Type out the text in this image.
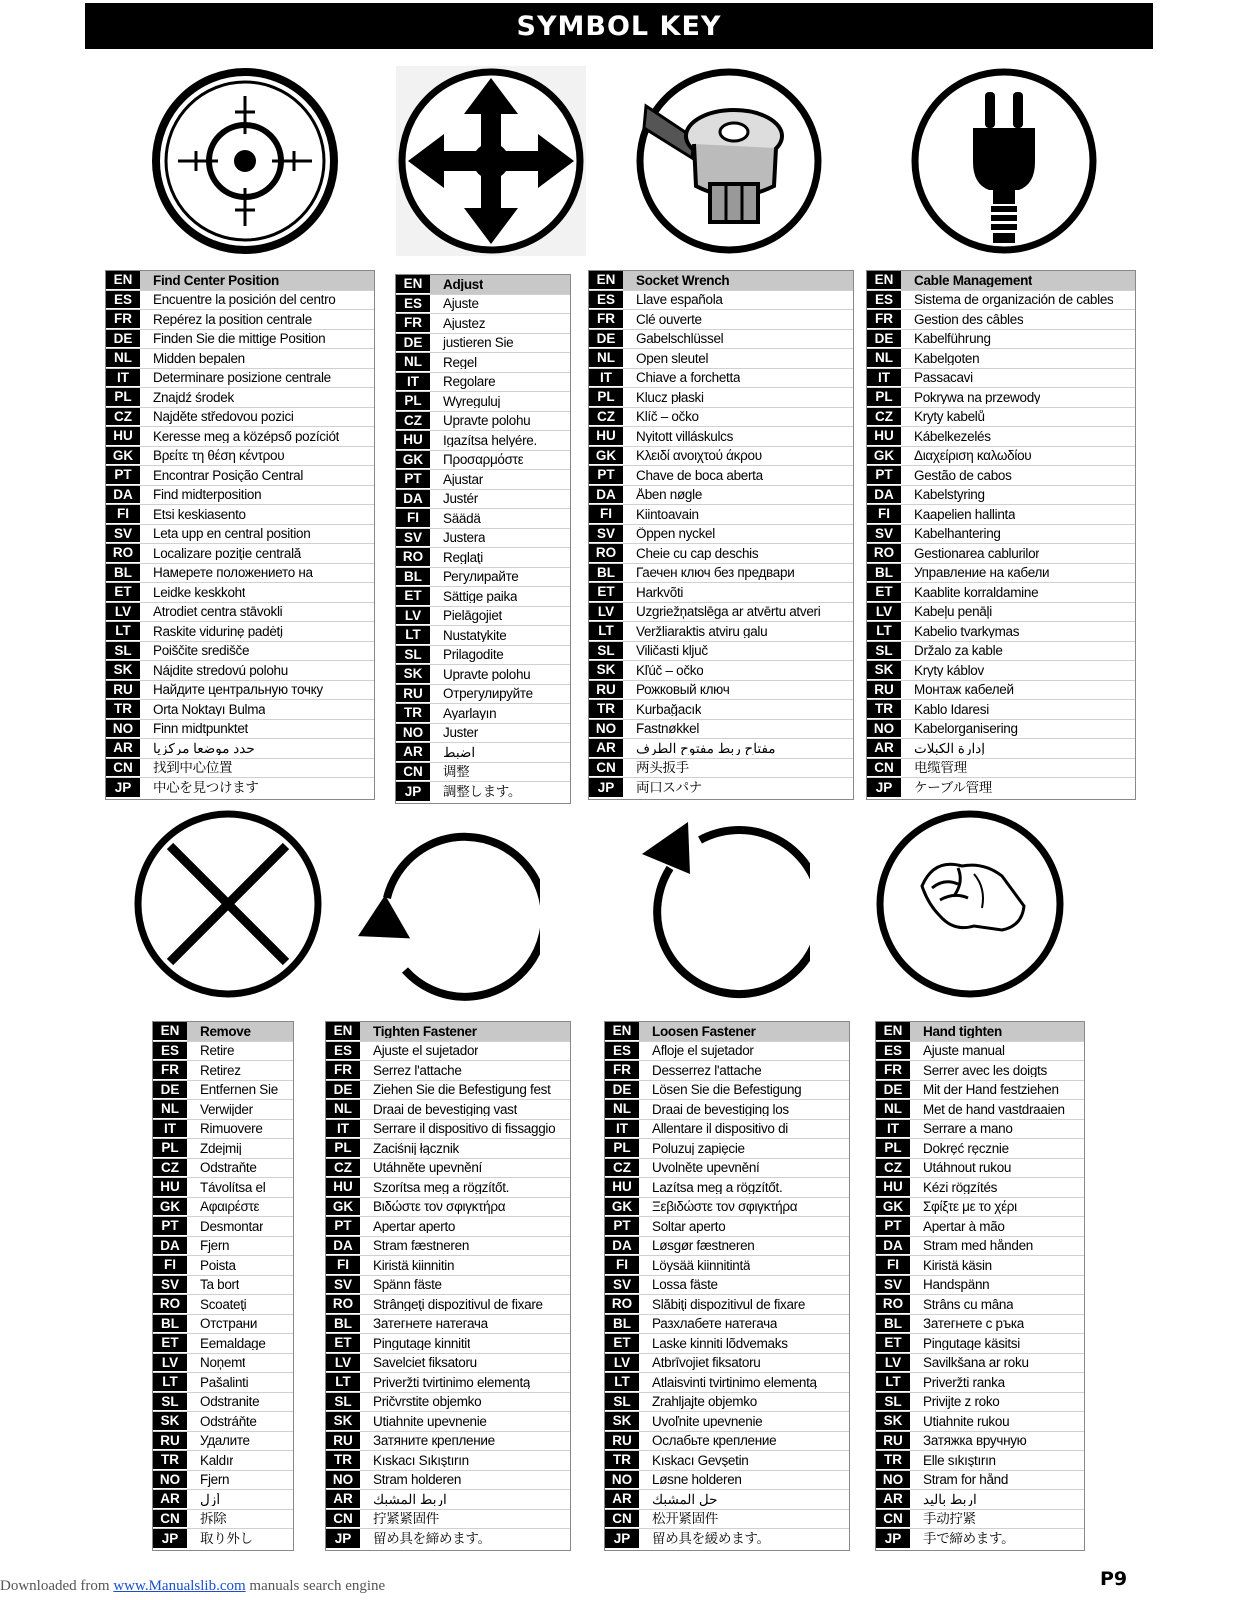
SYMBOL KEY
EN	Find Center Position
ES	Encuentre la posición del centro
FR	Repérez la position centrale
DE	Finden Sie die mittige Position
NL	Midden bepalen
IT	Determinare posizione centrale
PL	Znajdź środek
CZ	Najděte středovou pozici
HU	Keresse meg a középső pozíciót
GK	Βρείτε τη θέση κέντρου
PT	Encontrar Posição Central
DA	Find midterposition
FI	Etsi keskiasento
SV	Leta upp en central position
RO	Localizare poziţie centrală
BL	Намерете положението на
ET	Leidke keskkoht
LV	Atrodiet centra stāvokli
LT	Raskite vidurinę padėtį
SL	Poiščite središče
SK	Nájdite stredovú polohu
RU	Найдите центральную точку
TR	Orta Noktayı Bulma
NO	Finn midtpunktet
AR	حدد موضعاً مركزياً
CN	找到中心位置
JP	中心を見つけます
EN	Adjust
ES	Ajuste
FR	Ajustez
DE	justieren Sie
NL	Regel
IT	Regolare
PL	Wyreguluj
CZ	Upravte polohu
HU	Igazítsa helyére.
GK	Προσαρμόστε
PT	Ajustar
DA	Justér
FI	Säädä
SV	Justera
RO	Reglaţi
BL	Регулирайте
ET	Sättige paika
LV	Pielāgojiet
LT	Nustatykite
SL	Prilagodite
SK	Upravte polohu
RU	Отрегулируйте
TR	Ayarlayın
NO	Juster
AR	اضبط
CN	调整
JP	調整します。
EN	Socket Wrench
ES	Llave española
FR	Clé ouverte
DE	Gabelschlüssel
NL	Open sleutel
IT	Chiave a forchetta
PL	Klucz płaski
CZ	Klíč – očko
HU	Nyitott villáskulcs
GK	Κλειδί ανοιχτού άκρου
PT	Chave de boca aberta
DA	Åben nøgle
FI	Kiintoavain
SV	Öppen nyckel
RO	Cheie cu cap deschis
BL	Гаечен ключ без предвари
ET	Harkvõti
LV	Uzgriežņatslēga ar atvērtu atveri
LT	Veržliaraktis atviru galu
SL	Viličasti ključ
SK	Kľúč – očko
RU	Рожковый ключ
TR	Kurbağacık
NO	Fastnøkkel
AR	مفتاح ربط مفتوح الطرف
CN	两头扳手
JP	両口スパナ
EN	Cable Management
ES	Sistema de organización de cables
FR	Gestion des câbles
DE	Kabelführung
NL	Kabelgoten
IT	Passacavi
PL	Pokrywa na przewody
CZ	Kryty kabelů
HU	Kábelkezelés
GK	Διαχείριση καλωδίου
PT	Gestão de cabos
DA	Kabelstyring
FI	Kaapelien hallinta
SV	Kabelhantering
RO	Gestionarea cablurilor
BL	Управление на кабели
ET	Kaablite korraldamine
LV	Kabeļu penāļi
LT	Kabelio tvarkymas
SL	Držalo za kable
SK	Kryty káblov
RU	Монтаж кабелей
TR	Kablo İdaresi
NO	Kabelorganisering
AR	إدارة الكبلات
CN	电缆管理
JP	ケーブル管理
EN	Remove
ES	Retire
FR	Retirez
DE	Entfernen Sie
NL	Verwijder
IT	Rimuovere
PL	Zdejmij
CZ	Odstraňte
HU	Távolítsa el
GK	Αφαιρέστε
PT	Desmontar
DA	Fjern
FI	Poista
SV	Ta bort
RO	Scoateţi
BL	Отстрани
ET	Eemaldage
LV	Noņemt
LT	Pašalinti
SL	Odstranite
SK	Odstráňte
RU	Удалите
TR	Kaldır
NO	Fjern
AR	أزل
CN	拆除
JP	取り外し
EN	Tighten Fastener
ES	Ajuste el sujetador
FR	Serrez l'attache
DE	Ziehen Sie die Befestigung fest
NL	Draai de bevestiging vast
IT	Serrare il dispositivo di fissaggio
PL	Zaciśnij łącznik
CZ	Utáhněte upevnění
HU	Szorítsa meg a rögzítőt.
GK	Βιδώστε τον σφιγκτήρα
PT	Apertar aperto
DA	Stram fæstneren
FI	Kiristä kiinnitin
SV	Spänn fäste
RO	Strângeţi dispozitivul de fixare
BL	Затегнете натегача
ET	Pingutage kinnitit
LV	Savelciet fiksatoru
LT	Priveržti tvirtinimo elementą
SL	Pričvrstite objemko
SK	Utiahnite upevnenie
RU	Затяните крепление
TR	Kıskacı Sıkıştırın
NO	Stram holderen
AR	اربط المشبك
CN	拧紧紧固件
JP	留め具を締めます。
EN	Loosen Fastener
ES	Afloje el sujetador
FR	Desserrez l'attache
DE	Lösen Sie die Befestigung
NL	Draai de bevestiging los
IT	Allentare il dispositivo di
PL	Poluzuj zapięcie
CZ	Uvolněte upevnění
HU	Lazítsa meg a rögzítőt.
GK	Ξεβιδώστε τον σφιγκτήρα
PT	Soltar aperto
DA	Løsgør fæstneren
FI	Löysää kiinnitintä
SV	Lossa fäste
RO	Slăbiţi dispozitivul de fixare
BL	Разхлабете натегача
ET	Laske kinniti lõdvemaks
LV	Atbrīvojiet fiksatoru
LT	Atlaisvinti tvirtinimo elementą
SL	Zrahljajte objemko
SK	Uvoľnite upevnenie
RU	Ослабьте крепление
TR	Kıskacı Gevşetin
NO	Løsne holderen
AR	حل المشبك
CN	松开紧固件
JP	留め具を緩めます。
EN	Hand tighten
ES	Ajuste manual
FR	Serrer avec les doigts
DE	Mit der Hand festziehen
NL	Met de hand vastdraaien
IT	Serrare a mano
PL	Dokręć ręcznie
CZ	Utáhnout rukou
HU	Kézi rögzítés
GK	Σφίξτε με το χέρι
PT	Apertar à mão
DA	Stram med hånden
FI	Kiristä käsin
SV	Handspänn
RO	Strâns cu mâna
BL	Затегнете с ръка
ET	Pingutage käsitsi
LV	Savilkšana ar roku
LT	Priveržti ranka
SL	Privijte z roko
SK	Utiahnite rukou
RU	Затяжка вручную
TR	Elle sıkıştırın
NO	Stram for hånd
AR	اربط باليد
CN	手动拧紧
JP	手で締めます。
Downloaded from www.Manualslib.com manuals search engine	P9
